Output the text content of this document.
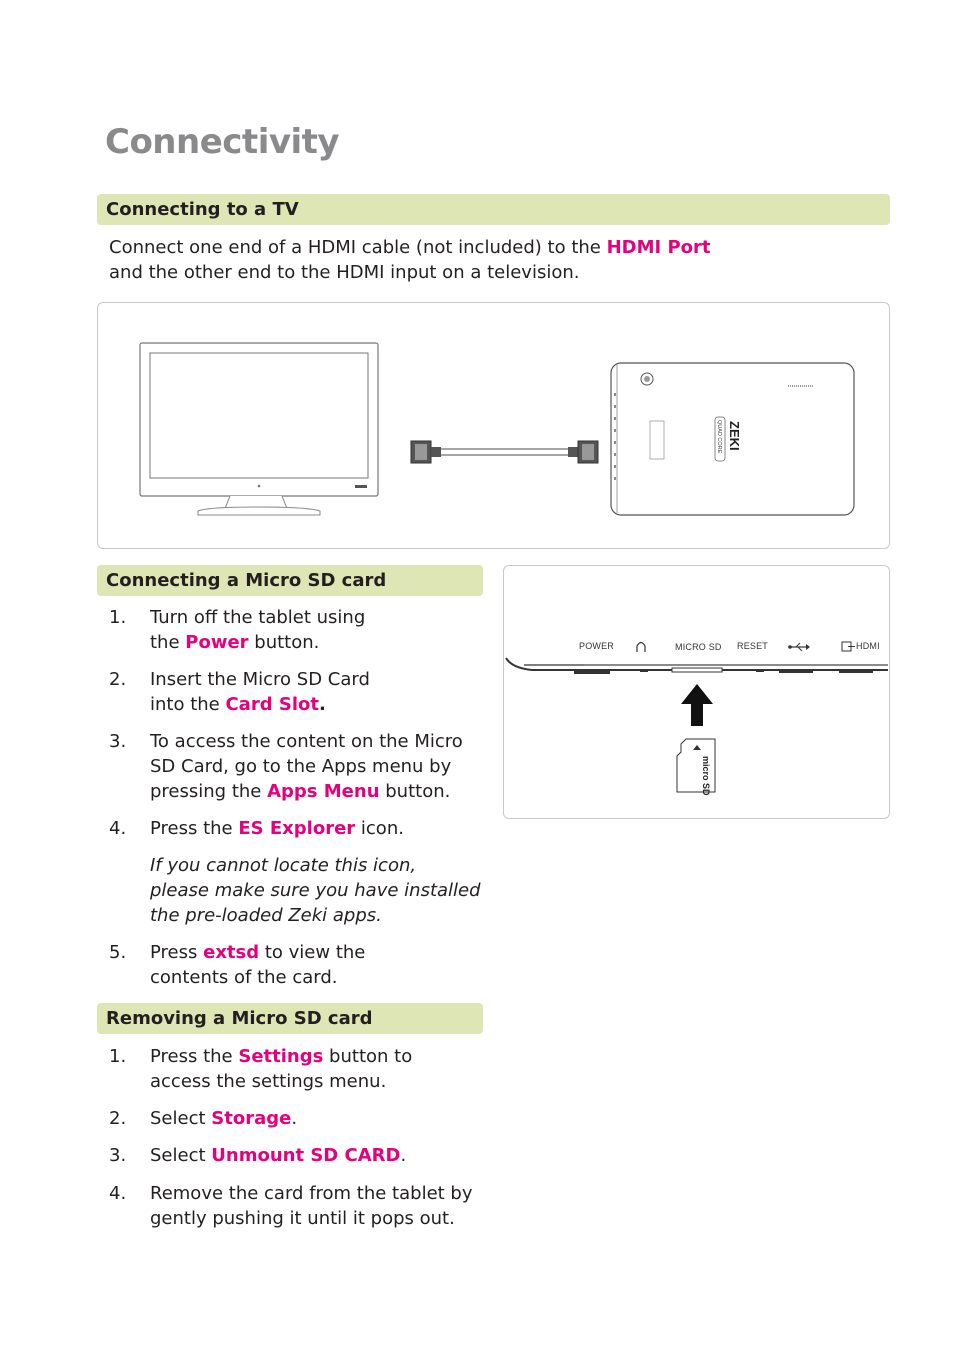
Connectivity
Connecting to a TV
Connect one end of a HDMI cable (not included) to the HDMI Port
and the other end to the HDMI input on a television.
ZEKI
QUAD CORE
Connecting a Micro SD card
1.	Turn off the tablet using
the Power button.
2.	Insert the Micro SD Card
into the Card Slot.
3.	To access the content on the Micro
SD Card, go to the Apps menu by
pressing the Apps Menu button.
4.	Press the ES Explorer icon.
If you cannot locate this icon,
please make sure you have installed
the pre-loaded Zeki apps.
5.	Press extsd to view the
contents of the card.
POWER	MICRO SD RESET	HDMI
micro SD
Removing a Micro SD card
1.	Press the Settings button to
access the settings menu.
2.	Select Storage.
3.	Select Unmount SD CARD.
4.	Remove the card from the tablet by
gently pushing it until it pops out.
